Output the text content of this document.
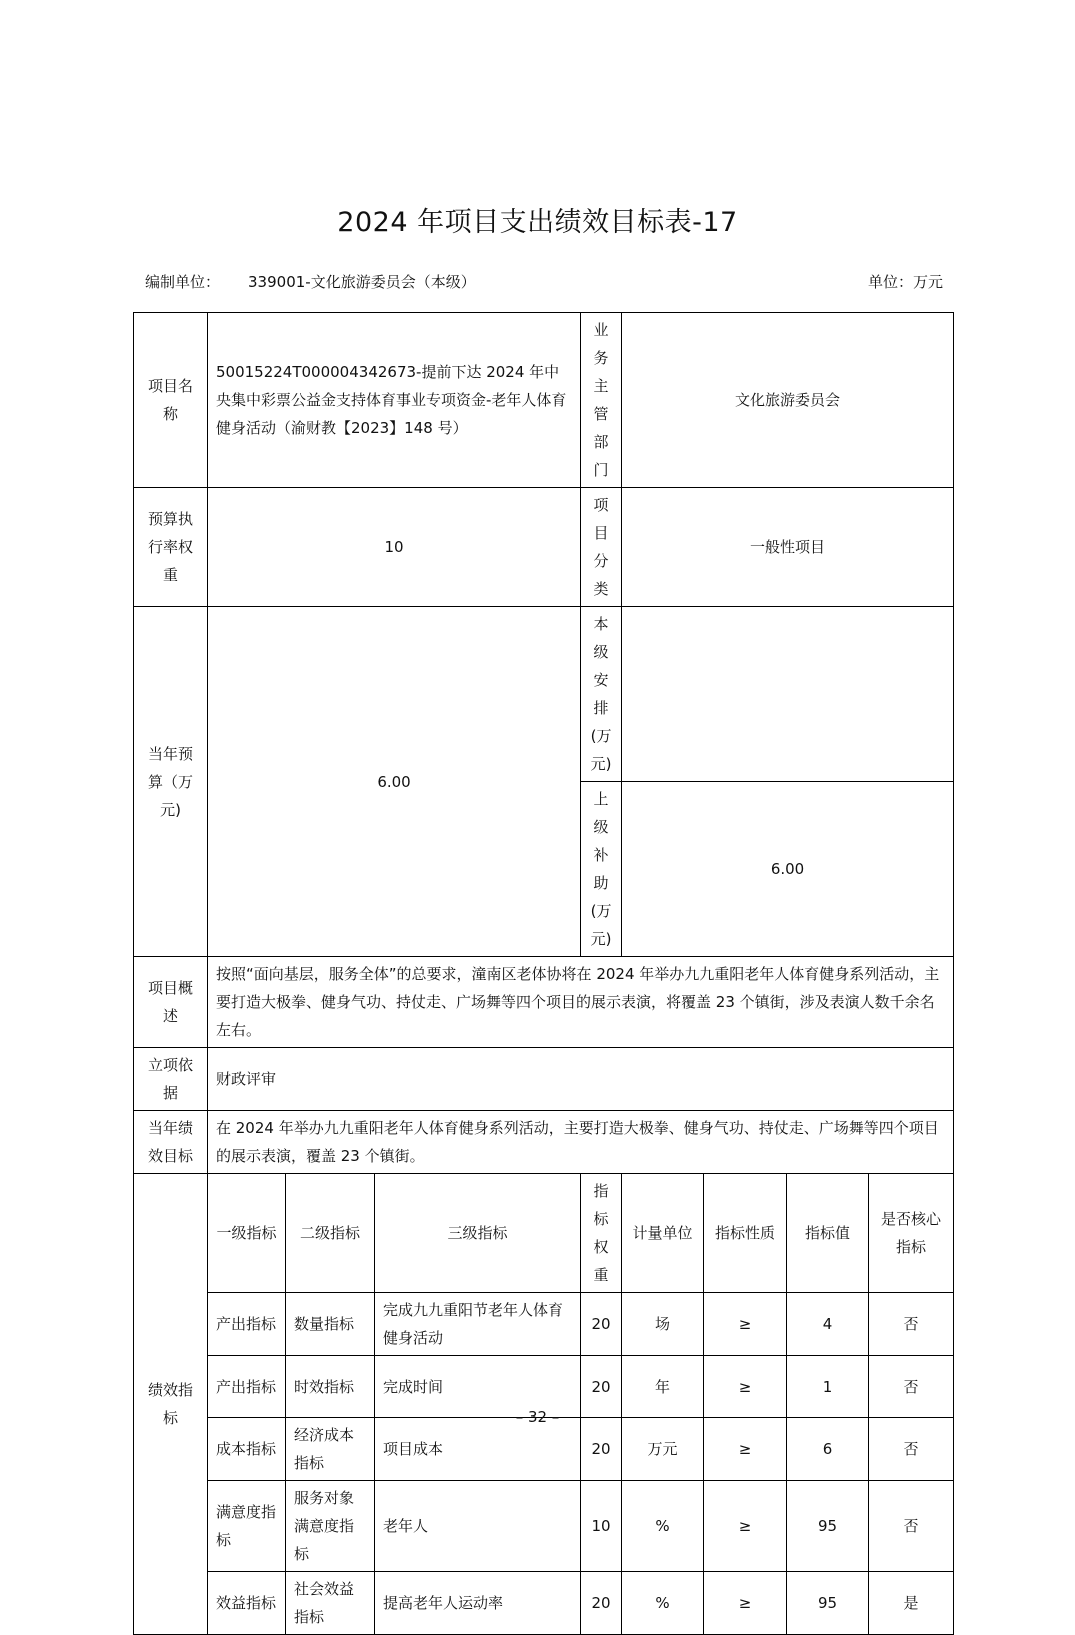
2024 年项目支出绩效目标表-17
编制单位： 339001-文化旅游委员会（本级）	单位：万元
项目名称	50015224T000004342673-提前下达 2024 年中央集中彩票公益金支持体育事业专项资金-老年人体育健身活动（渝财教【2023】148 号）			业务主管部门	文化旅游委员会			
预算执行率权重	10			项目分类	一般性项目			
当年预算（万元)	6.00			本级安排(万元)				
				上级补助(万元)	6.00			
项目概述	按照“面向基层，服务全体”的总要求，潼南区老体协将在 2024 年举办九九重阳老年人体育健身系列活动，主要打造大极拳、健身气功、持仗走、广场舞等四个项目的展示表演，将覆盖 23 个镇街，涉及表演人数千余名左右。							
立项依据	财政评审							
当年绩效目标	在 2024 年举办九九重阳老年人体育健身系列活动，主要打造大极拳、健身气功、持仗走、广场舞等四个项目的展示表演，覆盖 23 个镇街。							
绩效指标	一级指标	二级指标	三级指标	指标权重	计量单位	指标性质	指标值	是否核心指标
	产出指标	数量指标	完成九九重阳节老年人体育健身活动	20	场	≥	4	否
	产出指标	时效指标	完成时间	20	年	≥	1	否
	成本指标	经济成本指标	项目成本	20	万元	≥	6	否
	满意度指标	服务对象满意度指标	老年人	10	%	≥	95	否
	效益指标	社会效益指标	提高老年人运动率	20	%	≥	95	是
– 32 –
